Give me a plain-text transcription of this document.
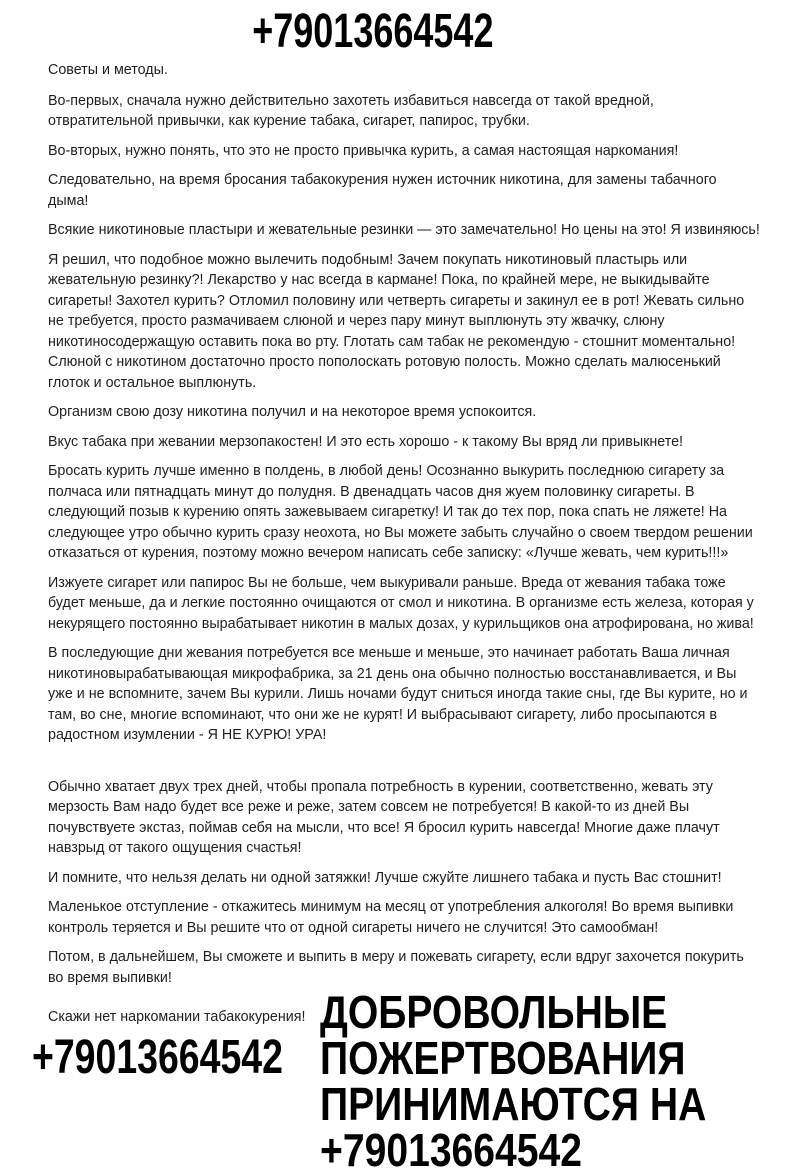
+79013664542
Советы и методы.
Во-первых, сначала нужно действительно захотеть избавиться навсегда от такой вредной, отвратительной привычки, как курение табака, сигарет, папирос, трубки.
Во-вторых, нужно понять, что это не просто привычка курить, а самая настоящая наркомания!
Следовательно, на время бросания табакокурения нужен источник никотина, для замены табачного дыма!
Всякие никотиновые пластыри и жевательные резинки — это замечательно! Но цены на это! Я извиняюсь!
Я решил, что подобное можно вылечить подобным! Зачем покупать никотиновый пластырь или жевательную резинку?! Лекарство у нас всегда в кармане! Пока, по крайней мере, не выкидывайте сигареты! Захотел курить? Отломил половину или четверть сигареты и закинул ее в рот! Жевать сильно не требуется, просто размачиваем слюной и через пару минут выплюнуть эту жвачку, слюну никотиносодержащую оставить пока во рту. Глотать сам табак не рекомендую - стошнит моментально! Слюной с никотином достаточно просто пополоскать ротовую полость. Можно сделать малюсенький глоток и остальное выплюнуть.
Организм свою дозу никотина получил и на некоторое время успокоится.
Вкус табака при жевании мерзопакостен! И это есть хорошо - к такому Вы вряд ли привыкнете!
Бросать курить лучше именно в полдень, в любой день! Осознанно выкурить последнюю сигарету за полчаса или пятнадцать минут до полудня. В двенадцать часов дня жуем половинку сигареты. В следующий позыв к курению опять зажевываем сигаретку! И так до тех пор, пока спать не ляжете! На следующее утро обычно курить сразу неохота, но Вы можете забыть случайно о своем твердом решении отказаться от курения, поэтому можно вечером написать себе записку: «Лучше жевать, чем курить!!!»
Изжуете сигарет или папирос Вы не больше, чем выкуривали раньше. Вреда от жевания табака тоже будет меньше, да и легкие постоянно очищаются от смол и никотина. В организме есть железа, которая у некурящего постоянно вырабатывает никотин в малых дозах, у курильщиков она атрофирована, но жива!
В последующие дни жевания потребуется все меньше и меньше, это начинает работать Ваша личная никотиновырабатывающая микрофабрика, за 21 день она обычно полностью восстанавливается, и Вы уже и не вспомните, зачем Вы курили. Лишь ночами будут сниться иногда такие сны, где Вы курите, но и там, во сне, многие вспоминают, что они же не курят! И выбрасывают сигарету, либо просыпаются в радостном изумлении - Я НЕ КУРЮ! УРА!
Обычно хватает двух трех дней, чтобы пропала потребность в курении, соответственно, жевать эту мерзость Вам надо будет все реже и реже, затем совсем не потребуется! В какой-то из дней Вы почувствуете экстаз, поймав себя на мысли, что все! Я бросил курить навсегда! Многие даже плачут навзрыд от такого ощущения счастья!
И помните, что нельзя делать ни одной затяжки! Лучше сжуйте лишнего табака и пусть Вас стошнит!
Маленькое отступление - откажитесь минимум на месяц от употребления алкоголя! Во время выпивки контроль теряется и Вы решите что от одной сигареты ничего не случится! Это самообман!
Потом, в дальнейшем, Вы сможете и выпить в меру и пожевать сигарету, если вдруг захочется покурить во время выпивки!
Скажи нет наркомании табакокурения!
+79013664542
ДОБРОВОЛЬНЫЕ
ПОЖЕРТВОВАНИЯ
ПРИНИМАЮТСЯ НА
+79013664542
